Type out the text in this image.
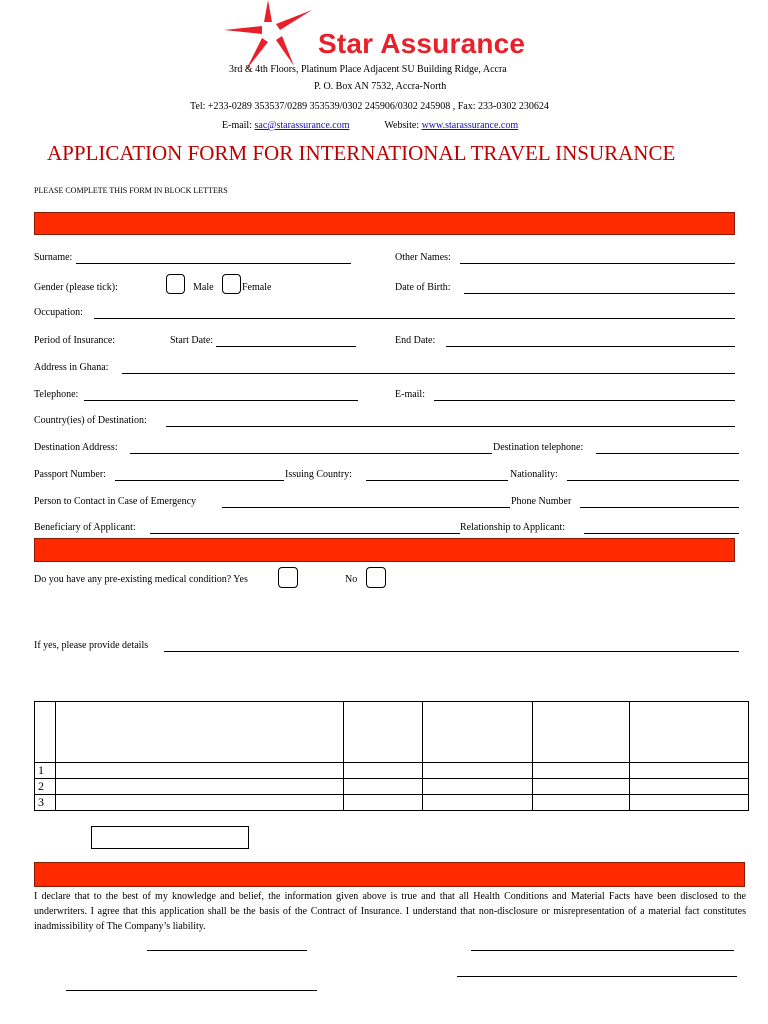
Star Assurance
3rd & 4th Floors, Platinum Place Adjacent SU Building Ridge, Accra
P. O. Box AN 7532, Accra-North
Tel: +233-0289 353537/0289 353539/0302 245906/0302 245908 , Fax: 233-0302 230624
E-mail: sac@starassurance.com	Website: www.starassurance.com
APPLICATION FORM FOR INTERNATIONAL TRAVEL INSURANCE
PLEASE COMPLETE THIS FORM IN BLOCK LETTERS
Surname:	Other Names:
Gender (please tick):	Male	Female	Date of Birth:
Occupation:
Period of Insurance:	Start Date:	End Date:
Address in Ghana:
Telephone:	E-mail:
Country(ies) of Destination:
Destination Address:	Destination telephone:
Passport Number:	Issuing Country:	Nationality:
Person to Contact in Case of Emergency	Phone Number
Beneficiary of Applicant:	Relationship to Applicant:
Do you have any pre-existing medical condition? Yes	No
If yes, please provide details

1					
2					
3					
I declare that to the best of my knowledge and belief, the information given above is true and that all Health Conditions and Material Facts have been disclosed to the underwriters. I agree that this application shall be the basis of the Contract of Insurance. I understand that non-disclosure or misrepresentation of a material fact constitutes inadmissibility of The Company’s liability.
